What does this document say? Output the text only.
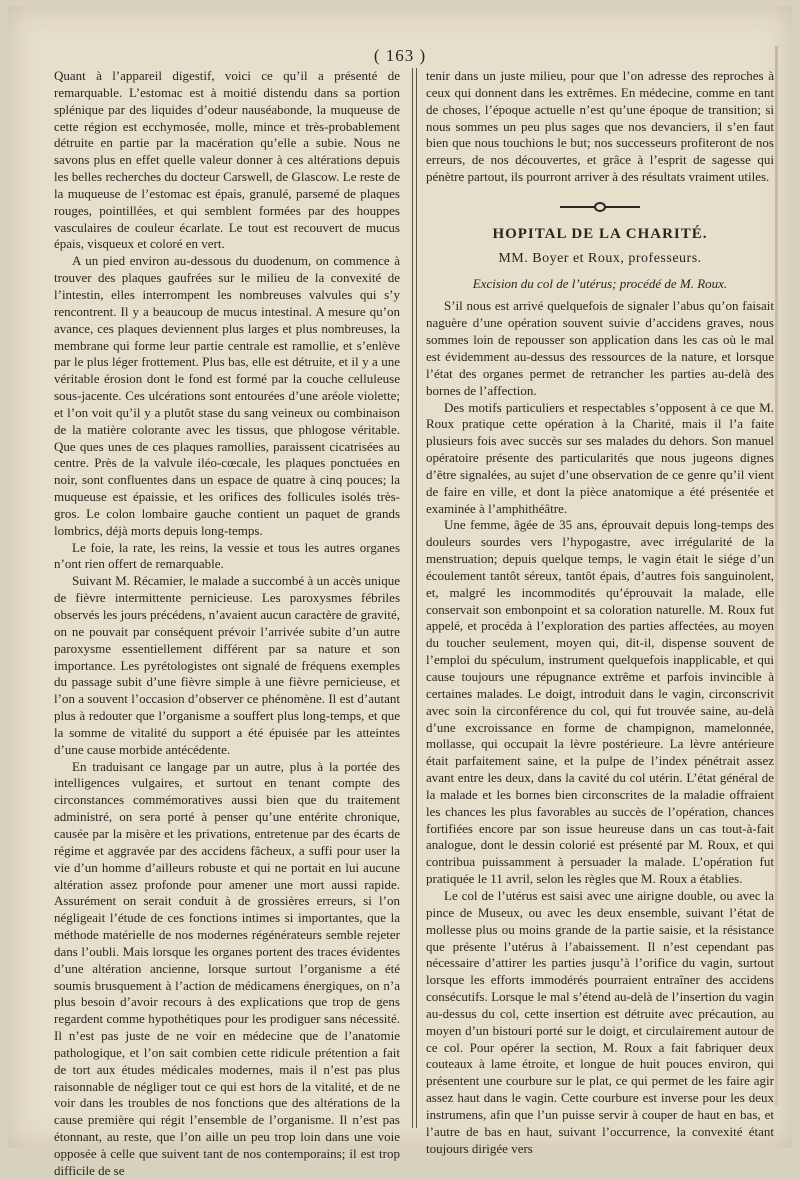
( 163 )

Quant à l’appareil digestif, voici ce qu’il a présenté de remarquable. L’estomac est à moitié distendu dans sa portion splénique par des liquides d’odeur nauséabonde, la muqueuse de cette région est ecchymosée, molle, mince et très-probablement détruite en partie par la macération qu’elle a subie. Nous ne savons plus en effet quelle valeur donner à ces altérations depuis les belles recherches du docteur Carswell, de Glascow. Le reste de la muqueuse de l’estomac est épais, granulé, parsemé de plaques rouges, pointillées, et qui semblent formées par des houppes vasculaires de couleur écarlate. Le tout est recouvert de mucus épais, visqueux et coloré en vert.

A un pied environ au-dessous du duodenum, on commence à trouver des plaques gaufrées sur le milieu de la convexité de l’intestin, elles interrompent les nombreuses valvules qui s’y rencontrent. Il y a beaucoup de mucus intestinal. A mesure qu’on avance, ces plaques deviennent plus larges et plus nombreuses, la membrane qui forme leur partie centrale est ramollie, et s’enlève par le plus léger frottement. Plus bas, elle est détruite, et il y a une véritable érosion dont le fond est formé par la couche celluleuse sous-jacente. Ces ulcérations sont entourées d’une aréole violette; et l’on voit qu’il y a plutôt stase du sang veineux ou combinaison de la matière colorante avec les tissus, que phlogose véritable. Que ques unes de ces plaques ramollies, paraissent cicatrisées au centre. Près de la valvule iléo-cœcale, les plaques ponctuées en noir, sont confluentes dans un espace de quatre à cinq pouces; la muqueuse est épaissie, et les orifices des follicules isolés très-gros. Le colon lombaire gauche contient un paquet de grands lombrics, déjà morts depuis long-temps.

Le foie, la rate, les reins, la vessie et tous les autres organes n’ont rien offert de remarquable.

Suivant M. Récamier, le malade a succombé à un accès unique de fièvre intermittente pernicieuse. Les paroxysmes fébriles observés les jours précédens, n’avaient aucun caractère de gravité, on ne pouvait par conséquent prévoir l’arrivée subite d’un autre paroxysme essentiellement différent par sa nature et son importance. Les pyrétologistes ont signalé de fréquens exemples du passage subit d’une fièvre simple à une fièvre pernicieuse, et l’on a souvent l’occasion d’observer ce phénomène. Il est d’autant plus à redouter que l’organisme a souffert plus long-temps, et que la somme de vitalité du support a été épuisée par les atteintes d’une cause morbide antécédente.

En traduisant ce langage par un autre, plus à la portée des intelligences vulgaires, et surtout en tenant compte des circonstances commémoratives aussi bien que du traitement administré, on sera porté à penser qu’une entérite chronique, causée par la misère et les privations, entretenue par des écarts de régime et aggravée par des accidens fâcheux, a suffi pour user la vie d’un homme d’ailleurs robuste et qui ne portait en lui aucune altération assez profonde pour amener une mort aussi rapide. Assurément on serait conduit à de grossières erreurs, si l’on négligeait l’étude de ces fonctions intimes si importantes, que la méthode matérielle de nos modernes régénérateurs semble rejeter dans l’oubli. Mais lorsque les organes portent des traces évidentes d’une altération ancienne, lorsque surtout l’organisme a été soumis brusquement à l’action de médicamens énergiques, on n’a plus besoin d’avoir recours à des explications que trop de gens regardent comme hypothétiques pour les prodiguer sans nécessité. Il n’est pas juste de ne voir en médecine que de l’anatomie pathologique, et l’on sait combien cette ridicule prétention a fait de tort aux études médicales modernes, mais il n’est pas plus raisonnable de négliger tout ce qui est hors de la vitalité, et de ne voir dans les troubles de nos fonctions que des altérations de la cause première qui régit l’ensemble de l’organisme. Il n’est pas étonnant, au reste, que l’on aille un peu trop loin dans une voie opposée à celle que suivent tant de nos contemporains; il est trop difficile de se

tenir dans un juste milieu, pour que l’on adresse des reproches à ceux qui donnent dans les extrêmes. En médecine, comme en tant de choses, l’époque actuelle n’est qu’une époque de transition; si nous sommes un peu plus sages que nos devanciers, il s’en faut bien que nous touchions le but; nos successeurs profiteront de nos erreurs, de nos découvertes, et grâce à l’esprit de sagesse qui pénètre partout, ils pourront arriver à des résultats vraiment utiles.

HOPITAL DE LA CHARITÉ.
MM. Boyer et Roux, professeurs.
Excision du col de l’utérus; procédé de M. Roux.

S’il nous est arrivé quelquefois de signaler l’abus qu’on faisait naguère d’une opération souvent suivie d’accidens graves, nous sommes loin de repousser son application dans les cas où le mal est évidemment au-dessus des ressources de la nature, et lorsque l’état des organes permet de retrancher les parties au-delà des bornes de l’affection.

Des motifs particuliers et respectables s’opposent à ce que M. Roux pratique cette opération à la Charité, mais il l’a faite plusieurs fois avec succès sur ses malades du dehors. Son manuel opératoire présente des particularités que nous jugeons dignes d’être signalées, au sujet d’une observation de ce genre qu’il vient de faire en ville, et dont la pièce anatomique a été présentée et examinée à l’amphithéâtre.

Une femme, âgée de 35 ans, éprouvait depuis long-temps des douleurs sourdes vers l’hypogastre, avec irrégularité de la menstruation; depuis quelque temps, le vagin était le siége d’un écoulement tantôt séreux, tantôt épais, d’autres fois sanguinolent, et, malgré les incommodités qu’éprouvait la malade, elle conservait son embonpoint et sa coloration naturelle. M. Roux fut appelé, et procéda à l’exploration des parties affectées, au moyen du toucher seulement, moyen qui, dit-il, dispense souvent de l’emploi du spéculum, instrument quelquefois inapplicable, et qui cause toujours une répugnance extrême et parfois invincible à certaines malades. Le doigt, introduit dans le vagin, circonscrivit avec soin la circonférence du col, qui fut trouvée saine, au-delà d’une excroissance en forme de champignon, mamelonnée, mollasse, qui occupait la lèvre postérieure. La lèvre antérieure était parfaitement saine, et la pulpe de l’index pénétrait assez avant entre les deux, dans la cavité du col utérin. L’état général de la malade et les bornes bien circonscrites de la maladie offraient les chances les plus favorables au succès de l’opération, chances fortifiées encore par son issue heureuse dans un cas tout-à-fait analogue, dont le dessin colorié est présenté par M. Roux, et qui contribua puissamment à persuader la malade. L’opération fut pratiquée le 11 avril, selon les règles que M. Roux a établies.

Le col de l’utérus est saisi avec une airigne double, ou avec la pince de Museux, ou avec les deux ensemble, suivant l’état de mollesse plus ou moins grande de la partie saisie, et la résistance que présente l’utérus à l’abaissement. Il n’est cependant pas nécessaire d’attirer les parties jusqu’à l’orifice du vagin, surtout lorsque les efforts immodérés pourraient entraîner des accidens consécutifs. Lorsque le mal s’étend au-delà de l’insertion du vagin au-dessus du col, cette insertion est détruite avec précaution, au moyen d’un bistouri porté sur le doigt, et circulairement autour de ce col. Pour opérer la section, M. Roux a fait fabriquer deux couteaux à lame étroite, et longue de huit pouces environ, qui présentent une courbure sur le plat, ce qui permet de les faire agir assez haut dans le vagin. Cette courbure est inverse pour les deux instrumens, afin que l’un puisse servir à couper de haut en bas, et l’autre de bas en haut, suivant l’occurrence, la convexité étant toujours dirigée vers
